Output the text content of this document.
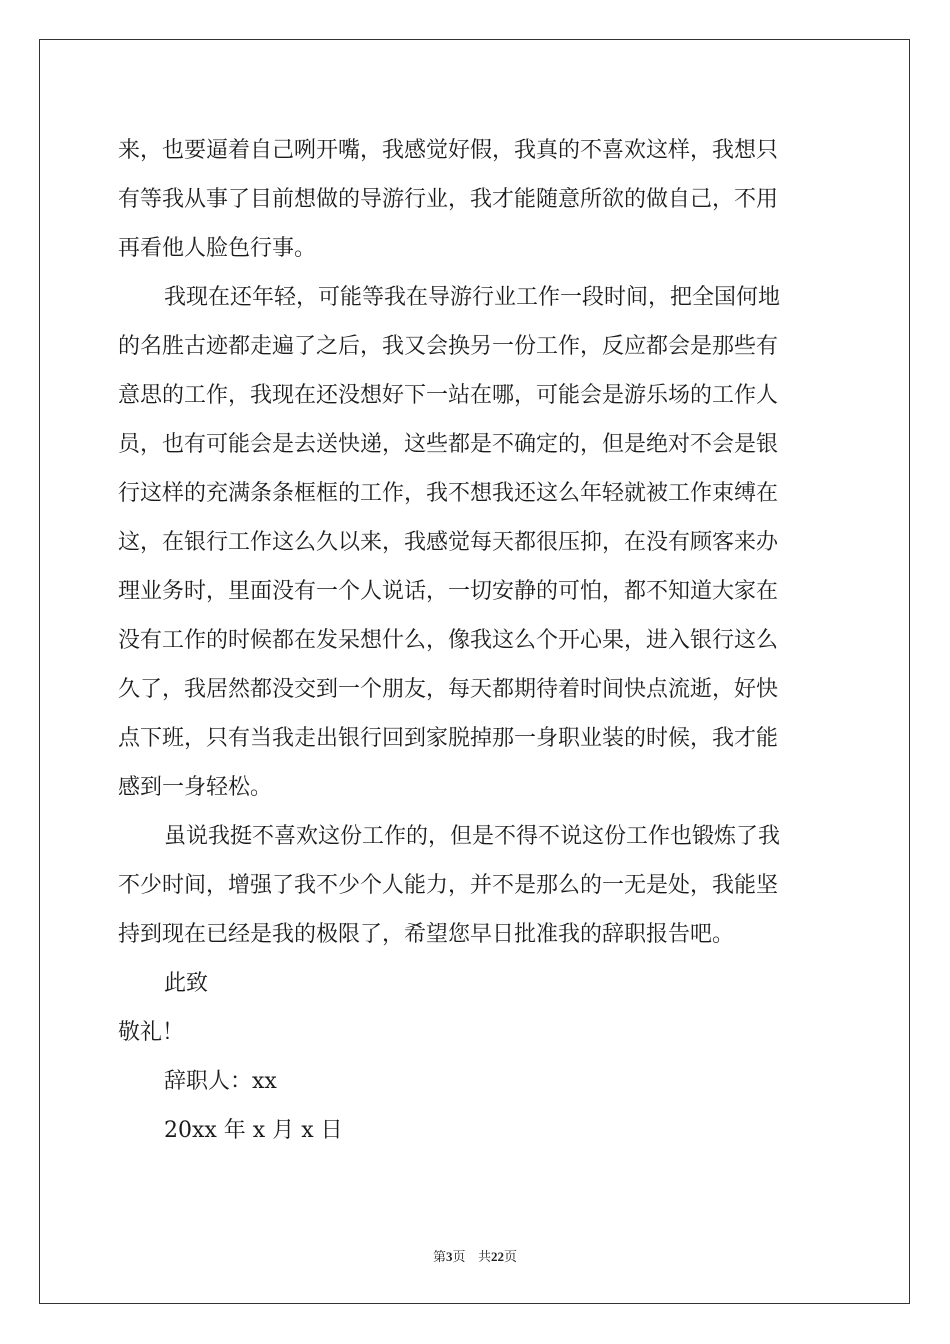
来，也要逼着自己咧开嘴，我感觉好假，我真的不喜欢这样，我想只
有等我从事了目前想做的导游行业，我才能随意所欲的做自己，不用
再看他人脸色行事。
我现在还年轻，可能等我在导游行业工作一段时间，把全国何地
的名胜古迹都走遍了之后，我又会换另一份工作，反应都会是那些有
意思的工作，我现在还没想好下一站在哪，可能会是游乐场的工作人
员，也有可能会是去送快递，这些都是不确定的，但是绝对不会是银
行这样的充满条条框框的工作，我不想我还这么年轻就被工作束缚在
这，在银行工作这么久以来，我感觉每天都很压抑，在没有顾客来办
理业务时，里面没有一个人说话，一切安静的可怕，都不知道大家在
没有工作的时候都在发呆想什么，像我这么个开心果，进入银行这么
久了，我居然都没交到一个朋友，每天都期待着时间快点流逝，好快
点下班，只有当我走出银行回到家脱掉那一身职业装的时候，我才能
感到一身轻松。
虽说我挺不喜欢这份工作的，但是不得不说这份工作也锻炼了我
不少时间，增强了我不少个人能力，并不是那么的一无是处，我能坚
持到现在已经是我的极限了，希望您早日批准我的辞职报告吧。
此致
敬礼！
辞职人：xx
20xx 年 x 月 x 日
第3页 共22页
